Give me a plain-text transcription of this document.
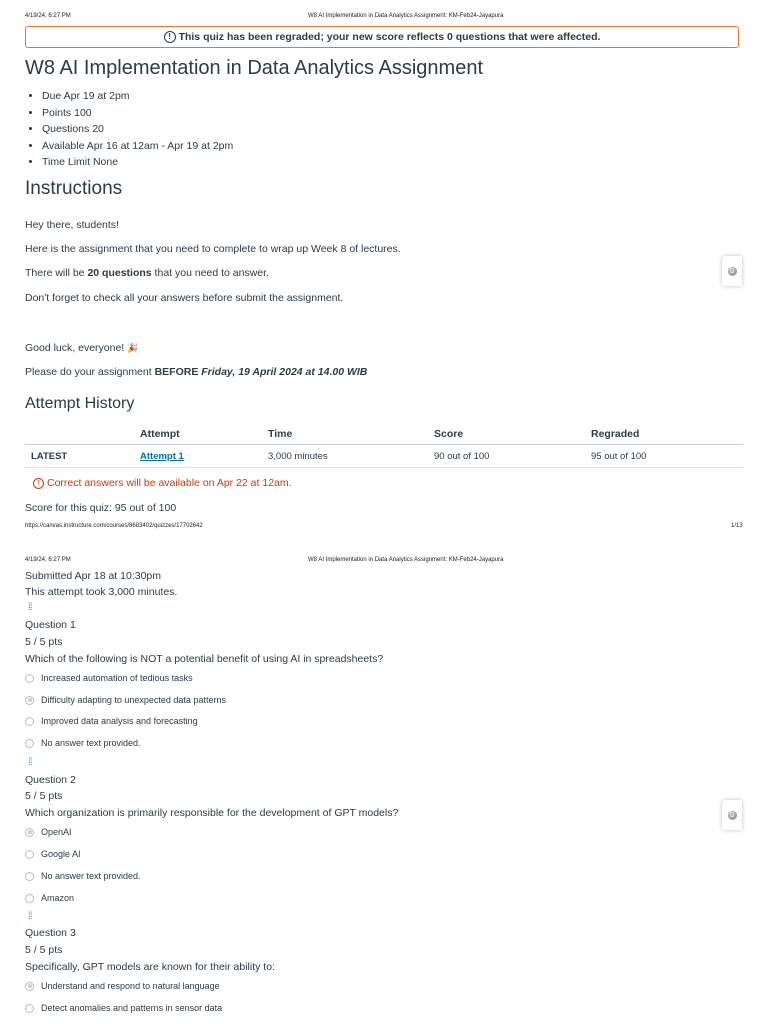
4/19/24, 6:27 PM	W8 AI Implementation in Data Analytics Assignment: KM-Feb24-Jayapura
! This quiz has been regraded; your new score reflects 0 questions that were affected.
W8 AI Implementation in Data Analytics Assignment
• Due Apr 19 at 2pm
• Points 100
• Questions 20
• Available Apr 16 at 12am - Apr 19 at 2pm
• Time Limit None
Instructions

Hey there, students!

Here is the assignment that you need to complete to wrap up Week 8 of lectures.

There will be 20 questions that you need to answer.

Don't forget to check all your answers before submit the assignment.

Good luck, everyone! 🎉

Please do your assignment BEFORE Friday, 19 April 2024 at 14.00 WIB

Attempt History
	Attempt	Time	Score	Regraded
LATEST	Attempt 1	3,000 minutes	90 out of 100	95 out of 100
! Correct answers will be available on Apr 22 at 12am.

Score for this quiz: 95 out of 100

https://canvas.instructure.com/courses/8683402/quizzes/17702642	1/13
⚙
4/19/24, 6:27 PM	W8 AI Implementation in Data Analytics Assignment: KM-Feb24-Jayapura
Submitted Apr 18 at 10:30pm
This attempt took 3,000 minutes.
⁞⁞
Question 1
5 / 5 pts
Which of the following is NOT a potential benefit of using AI in spreadsheets?
Increased automation of tedious tasks
Difficulty adapting to unexpected data patterns
Improved data analysis and forecasting
No answer text provided.
⁞⁞
Question 2
5 / 5 pts
Which organization is primarily responsible for the development of GPT models?
OpenAI
Google AI
No answer text provided.
Amazon
⁞⁞
Question 3
5 / 5 pts
Specifically, GPT models are known for their ability to:
Understand and respond to natural language
Detect anomalies and patterns in sensor data
⚙
